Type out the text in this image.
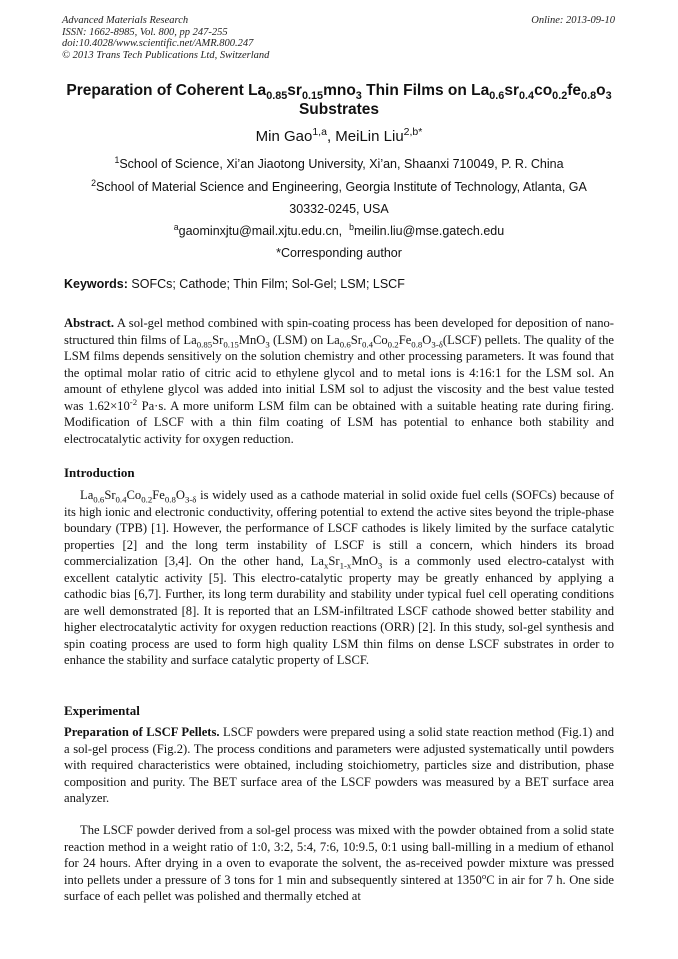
Advanced Materials Research
ISSN: 1662-8985, Vol. 800, pp 247-255
doi:10.4028/www.scientific.net/AMR.800.247
© 2013 Trans Tech Publications Ltd, Switzerland
Online: 2013-09-10
Preparation of Coherent $La_{0.85}sr_{0.15}mno_3$ Thin Films on $La_{0.6}sr_{0.4}co_{0.2}fe_{0.8}o_3$
Substrates
Min Gao$^{1,a}$, MeiLin Liu$^{2,b*}$
$^1$School of Science, Xi’an Jiaotong University, Xi’an, Shaanxi 710049, P. R. China
$^2$School of Material Science and Engineering, Georgia Institute of Technology, Atlanta, GA
30332-0245, USA
$^a$gaominxjtu@mail.xjtu.edu.cn, $^b$meilin.liu@mse.gatech.edu
*Corresponding author
Keywords: SOFCs; Cathode; Thin Film; Sol-Gel; LSM; LSCF
Abstract. A sol-gel method combined with spin-coating process has been developed for deposition of nano-structured thin films of $La_{0.85}Sr_{0.15}MnO_3$ (LSM) on $La_{0.6}Sr_{0.4}Co_{0.2}Fe_{0.8}O_{3-\delta}(LSCF)$ pellets. The quality of the LSM films depends sensitively on the solution chemistry and other processing parameters. It was found that the optimal molar ratio of citric acid to ethylene glycol and to metal ions is 4:16:1 for the LSM sol. An amount of ethylene glycol was added into initial LSM sol to adjust the viscosity and the best value tested was $1.62\times 10^{-2}$ Pa·s. A more uniform LSM film can be obtained with a suitable heating rate during firing. Modification of LSCF with a thin film coating of LSM has potential to enhance both stability and electrocatalytic activity for oxygen reduction.
Introduction
$La_{0.6}Sr_{0.4}Co_{0.2}Fe_{0.8}O_{3-\delta}$ is widely used as a cathode material in solid oxide fuel cells (SOFCs) because of its high ionic and electronic conductivity, offering potential to extend the active sites beyond the triple-phase boundary (TPB) [1]. However, the performance of LSCF cathodes is likely limited by the surface catalytic properties [2] and the long term instability of LSCF is still a concern, which hinders its broad commercialization [3,4]. On the other hand, $La_xSr_{1-x}MnO_3$ is a commonly used electro-catalyst with excellent catalytic activity [5]. This electro-catalytic property may be greatly enhanced by applying a cathodic bias [6,7]. Further, its long term durability and stability under typical fuel cell operating conditions are well demonstrated [8]. It is reported that an LSM-infiltrated LSCF cathode showed better stability and higher electrocatalytic activity for oxygen reduction reactions (ORR) [2]. In this study, sol-gel synthesis and spin coating process are used to form high quality LSM thin films on dense LSCF substrates in order to enhance the stability and surface catalytic property of LSCF.
Experimental
Preparation of LSCF Pellets. LSCF powders were prepared using a solid state reaction method (Fig.1) and a sol-gel process (Fig.2). The process conditions and parameters were adjusted systematically until powders with required characteristics were obtained, including stoichiometry, particles size and distribution, phase composition and purity. The BET surface area of the LSCF powders was measured by a BET surface area analyzer.
The LSCF powder derived from a sol-gel process was mixed with the powder obtained from a solid state reaction method in a weight ratio of 1:0, 3:2, 5:4, 7:6, 10:9.5, 0:1 using ball-milling in a medium of ethanol for 24 hours. After drying in a oven to evaporate the solvent, the as-received powder mixture was pressed into pellets under a pressure of 3 tons for 1 min and subsequently sintered at 1350$^o$C in air for 7 h. One side surface of each pellet was polished and thermally etched at
